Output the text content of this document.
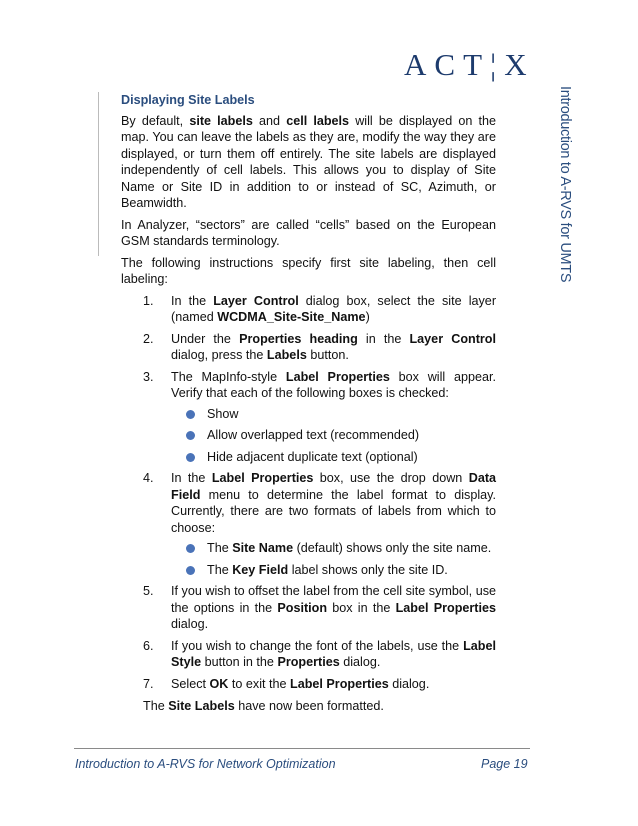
ACT¦X
Introduction to A-RVS for UMTS
Displaying Site Labels

By default, site labels and cell labels will be displayed on the map. You can leave the labels as they are, modify the way they are displayed, or turn them off entirely. The site labels are displayed independently of cell labels. This allows you to display of Site Name or Site ID in addition to or instead of SC, Azimuth, or Beamwidth.

In Analyzer, “sectors” are called “cells” based on the European GSM standards terminology.

The following instructions specify first site labeling, then cell labeling:

1. In the Layer Control dialog box, select the site layer (named WCDMA_Site-Site_Name)
2. Under the Properties heading in the Layer Control dialog, press the Labels button.
3. The MapInfo-style Label Properties box will appear. Verify that each of the following boxes is checked:
Show
Allow overlapped text (recommended)
Hide adjacent duplicate text (optional)
4. In the Label Properties box, use the drop down Data Field menu to determine the label format to display. Currently, there are two formats of labels from which to choose:
The Site Name (default) shows only the site name.
The Key Field label shows only the site ID.
5. If you wish to offset the label from the cell site symbol, use the options in the Position box in the Label Properties dialog.
6. If you wish to change the font of the labels, use the Label Style button in the Properties dialog.
7. Select OK to exit the Label Properties dialog.

The Site Labels have now been formatted.

Introduction to A-RVS for Network Optimization	Page 19
